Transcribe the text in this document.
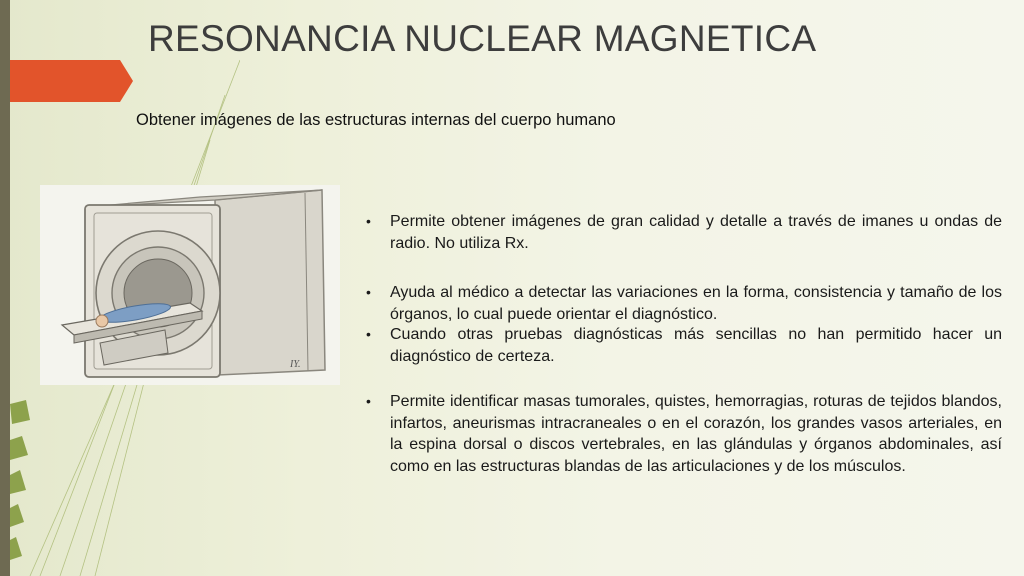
RESONANCIA NUCLEAR MAGNETICA
Obtener imágenes de las estructuras internas del cuerpo humano
IY.
•	Permite obtener imágenes de gran calidad y detalle a través de imanes u ondas de radio. No utiliza Rx.
•	Ayuda al médico a detectar las variaciones en la forma, consistencia y tamaño de los órganos, lo cual puede orientar el diagnóstico.
•	Cuando otras pruebas diagnósticas más sencillas no han permitido hacer un diagnóstico de certeza.
•	Permite identificar masas tumorales, quistes, hemorragias, roturas de tejidos blandos, infartos, aneurismas intracraneales o en el corazón, los grandes vasos arteriales, en la espina dorsal o discos vertebrales, en las glándulas y órganos abdominales, así como en las estructuras blandas de las articulaciones y de los músculos.
